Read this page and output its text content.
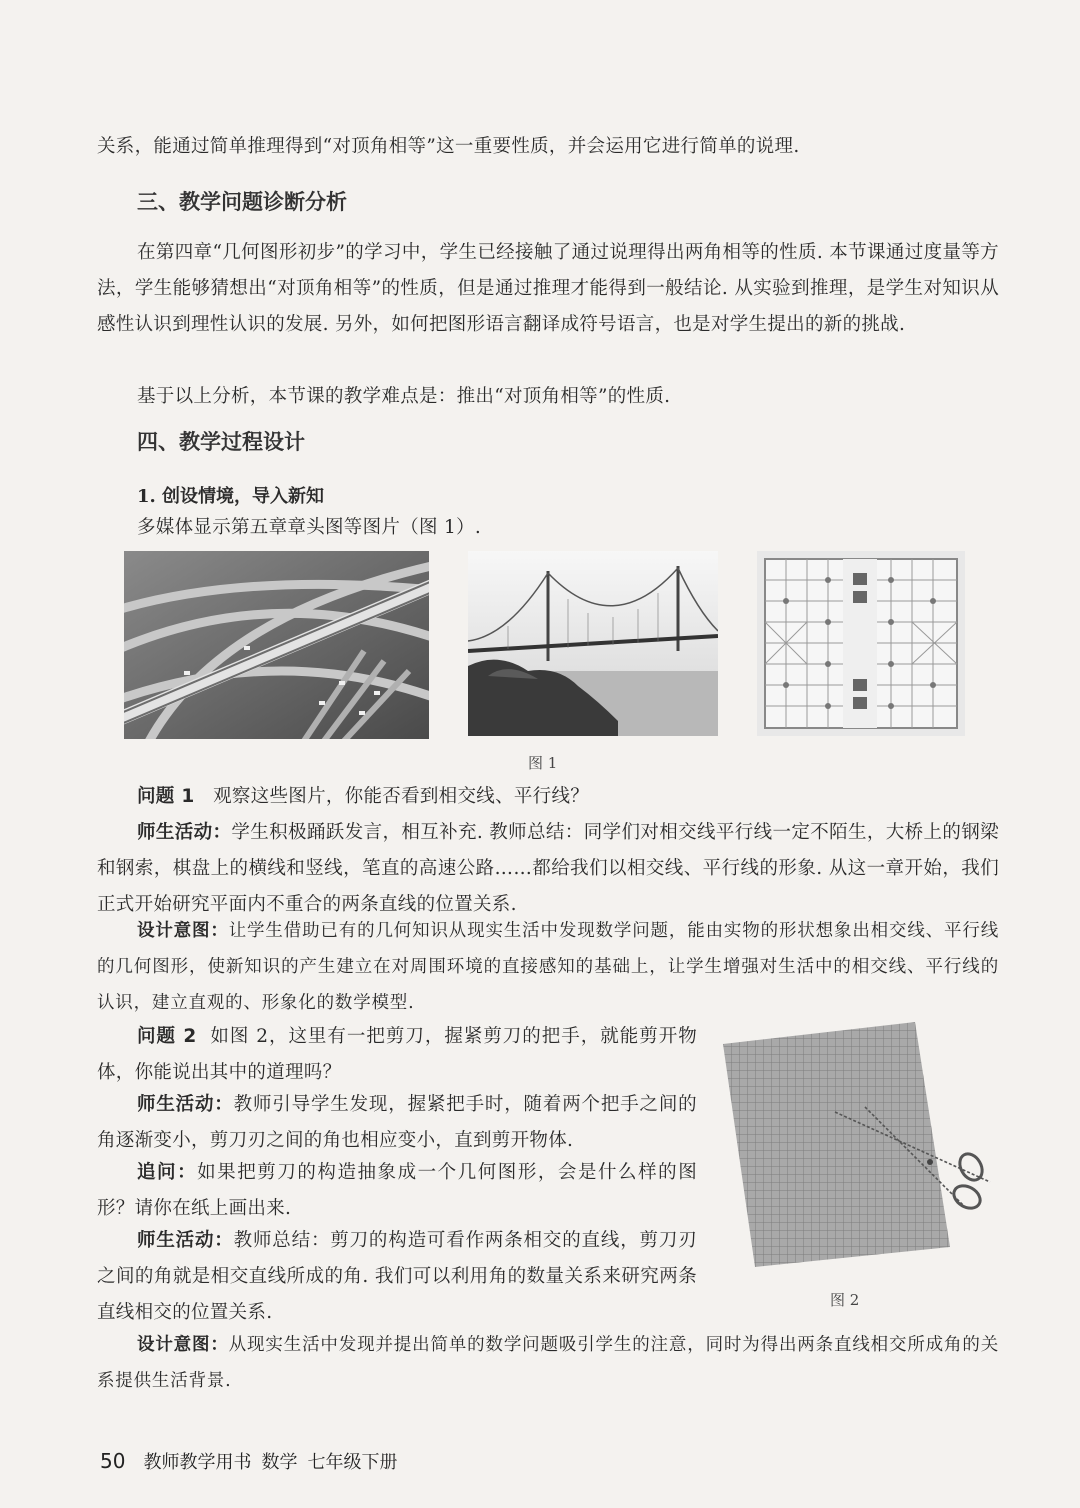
关系，能通过简单推理得到“对顶角相等”这一重要性质，并会运用它进行简单的说理.

三、教学问题诊断分析

在第四章“几何图形初步”的学习中，学生已经接触了通过说理得出两角相等的性质. 本节课通过度量等方法，学生能够猜想出“对顶角相等”的性质，但是通过推理才能得到一般结论. 从实验到推理，是学生对知识从感性认识到理性认识的发展. 另外，如何把图形语言翻译成符号语言，也是对学生提出的新的挑战.

基于以上分析，本节课的教学难点是：推出“对顶角相等”的性质.

四、教学过程设计
1. 创设情境，导入新知

多媒体显示第五章章头图等图片（图 1）.

图 1

问题 1 观察这些图片，你能否看到相交线、平行线？

师生活动：学生积极踊跃发言，相互补充. 教师总结：同学们对相交线平行线一定不陌生，大桥上的钢梁和钢索，棋盘上的横线和竖线，笔直的高速公路……都给我们以相交线、平行线的形象. 从这一章开始，我们正式开始研究平面内不重合的两条直线的位置关系.

设计意图：让学生借助已有的几何知识从现实生活中发现数学问题，能由实物的形状想象出相交线、平行线的几何图形，使新知识的产生建立在对周围环境的直接感知的基础上，让学生增强对生活中的相交线、平行线的认识，建立直观的、形象化的数学模型.

问题 2 如图 2，这里有一把剪刀，握紧剪刀的把手，就能剪开物体，你能说出其中的道理吗？

师生活动：教师引导学生发现，握紧把手时，随着两个把手之间的角逐渐变小，剪刀刃之间的角也相应变小，直到剪开物体.

追问：如果把剪刀的构造抽象成一个几何图形，会是什么样的图形？请你在纸上画出来.

师生活动：教师总结：剪刀的构造可看作两条相交的直线，剪刀刃之间的角就是相交直线所成的角. 我们可以利用角的数量关系来研究两条直线相交的位置关系.

图 2

设计意图：从现实生活中发现并提出简单的数学问题吸引学生的注意，同时为得出两条直线相交所成角的关系提供生活背景.

50 教师教学用书 数学 七年级下册
